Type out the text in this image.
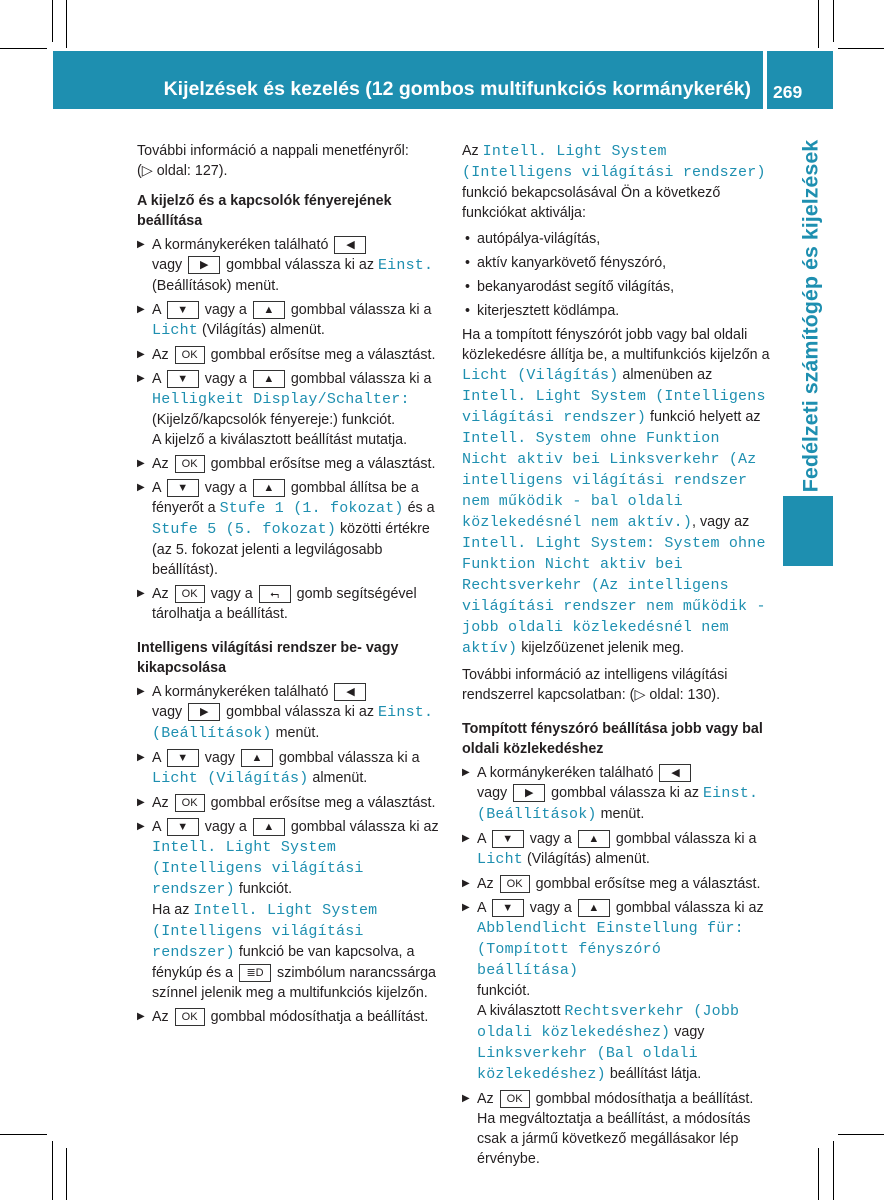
Kijelzések és kezelés (12 gombos multifunkciós kormánykerék) 269
Fedélzeti számítógép és kijelzések

További információ a nappali menetfényről:
(▷ oldal: 127).

A kijelző és a kapcsolók fényerejének beállítása
▶ A kormánykeréken található ◀
vagy ▶ gombbal válassza ki az Einst. (Beállítások) menüt.
▶ A ▼ vagy a ▲ gombbal válassza ki a
Licht (Világítás) almenüt.
▶ Az OK gombbal erősítse meg a választást.
▶ A ▼ vagy a ▲ gombbal válassza ki a
Helligkeit Display/Schalter:
(Kijelző/kapcsolók fényereje:) funkciót.
A kijelző a kiválasztott beállítást mutatja.
▶ Az OK gombbal erősítse meg a választást.
▶ A ▼ vagy a ▲ gombbal állítsa be a fényerőt a Stufe 1 (1. fokozat) és a Stufe 5 (5. fokozat) közötti értékre (az 5. fokozat jelenti a legvilágosabb beállítást).
▶ Az OK vagy a ⮢ gomb segítségével tárolhatja a beállítást.
Intelligens világítási rendszer be- vagy kikapcsolása
▶ A kormánykeréken található ◀
vagy ▶ gombbal válassza ki az Einst. (Beállítások) menüt.
▶ A ▼ vagy ▲ gombbal válassza ki a
Licht (Világítás) almenüt.
▶ Az OK gombbal erősítse meg a választást.
▶ A ▼ vagy a ▲ gombbal válassza ki az Intell. Light System (Intelligens világítási rendszer) funkciót.
Ha az Intell. Light System (Intelligens világítási rendszer) funkció be van kapcsolva, a fénykúp és a ≣D szimbólum narancssárga színnel jelenik meg a multifunkciós kijelzőn.
▶ Az OK gombbal módosíthatja a beállítást.

Az Intell. Light System (Intelligens világítási rendszer) funkció bekapcsolásával Ön a következő funkciókat aktiválja:

• autópálya-világítás,
• aktív kanyarkövető fényszóró,
• bekanyarodást segítő világítás,
• kiterjesztett ködlámpa.

Ha a tompított fényszórót jobb vagy bal oldali közlekedésre állítja be, a multifunkciós kijelzőn a Licht (Világítás) almenüben az Intell. Light System (Intelligens világítási rendszer) funkció helyett az Intell. System ohne Funktion Nicht aktiv bei Linksverkehr (Az intelligens világítási rendszer nem működik - bal oldali közlekedésnél nem aktív.), vagy az Intell. Light System: System ohne Funktion Nicht aktiv bei Rechtsverkehr (Az intelligens világítási rendszer nem működik - jobb oldali közlekedésnél nem aktív) kijelzőüzenet jelenik meg.

További információ az intelligens világítási rendszerrel kapcsolatban: (▷ oldal: 130).

Tompított fényszóró beállítása jobb vagy bal oldali közlekedéshez
▶ A kormánykeréken található ◀
vagy ▶ gombbal válassza ki az Einst. (Beállítások) menüt.
▶ A ▼ vagy a ▲ gombbal válassza ki a
Licht (Világítás) almenüt.
▶ Az OK gombbal erősítse meg a választást.
▶ A ▼ vagy a ▲ gombbal válassza ki az Abblendlicht Einstellung für: (Tompított fényszóró beállítása)
funkciót.
A kiválasztott Rechtsverkehr (Jobb oldali közlekedéshez) vagy Linksverkehr (Bal oldali közlekedéshez) beállítást látja.
▶ Az OK gombbal módosíthatja a beállítást. Ha megváltoztatja a beállítást, a módosítás csak a jármű következő megállásakor lép érvénybe.
